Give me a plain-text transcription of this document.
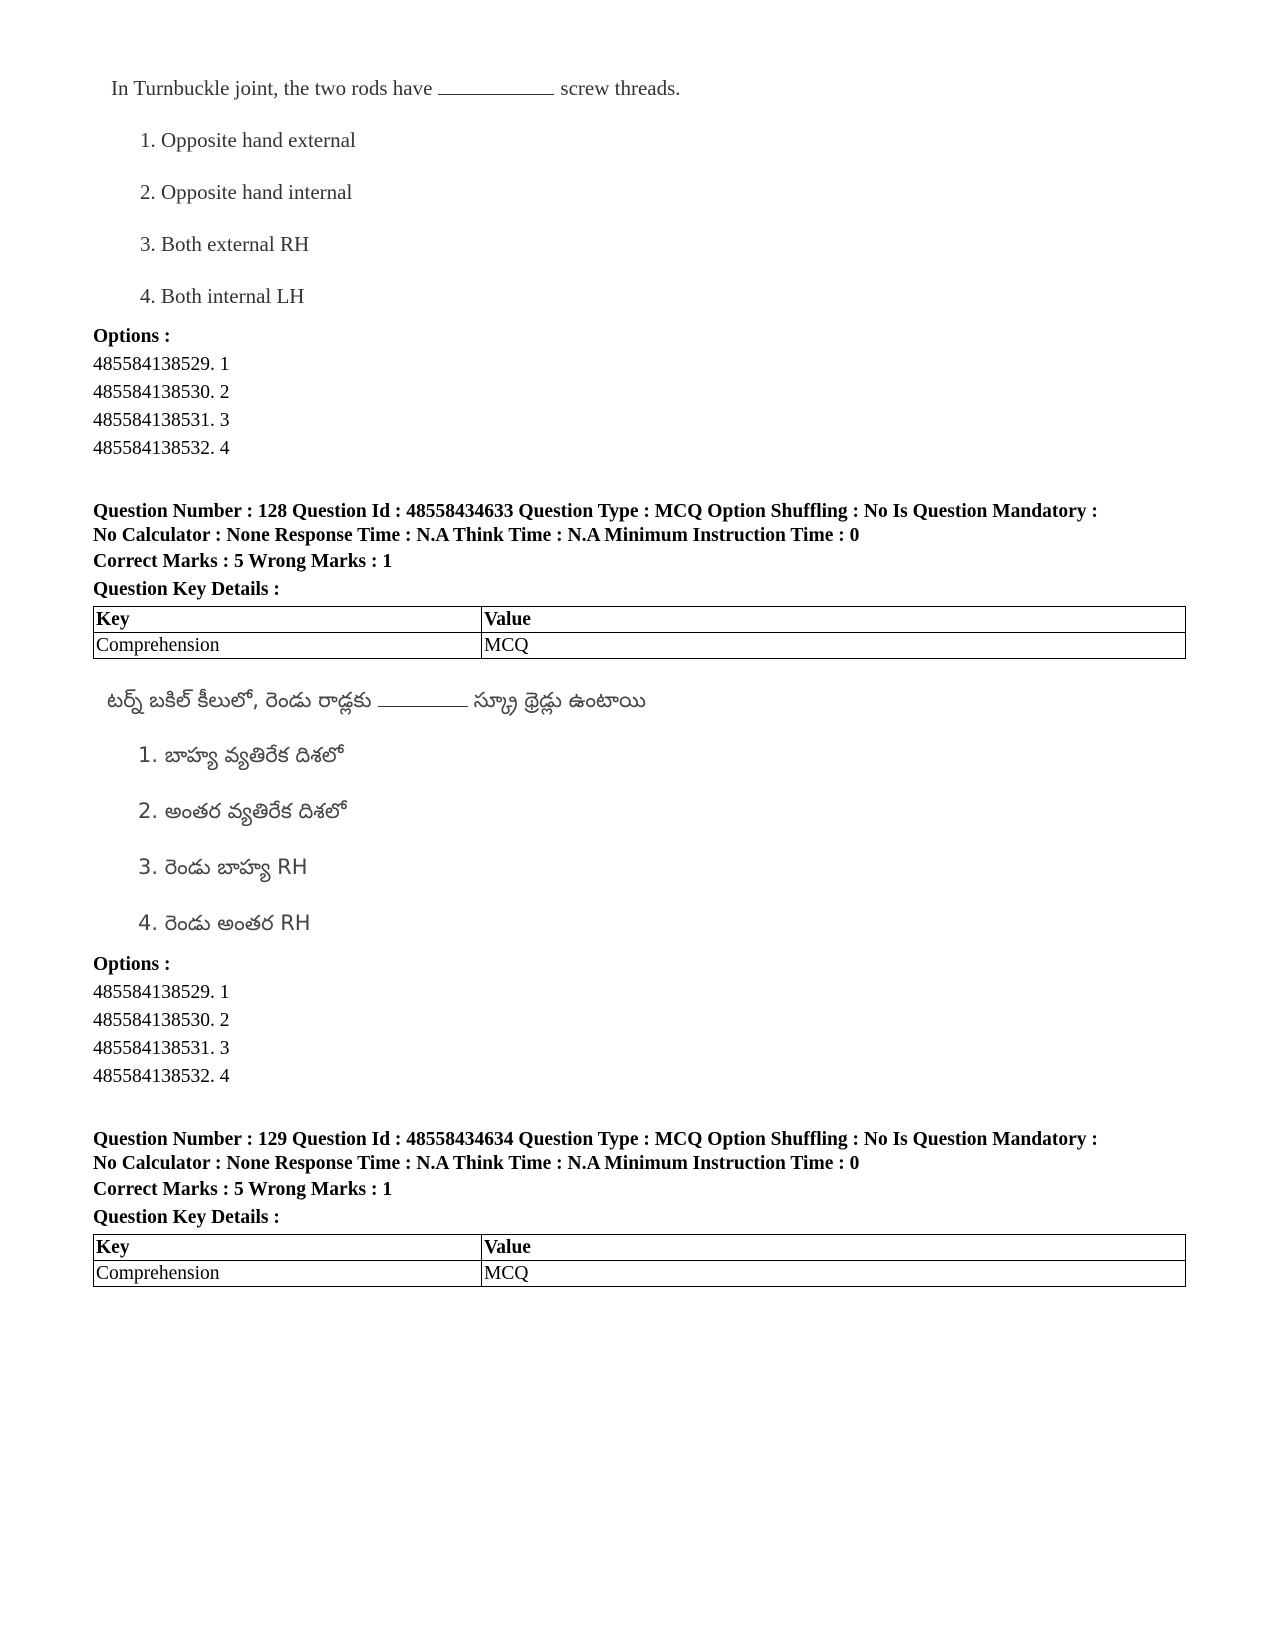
In Turnbuckle joint, the two rods have	screw threads.
1. Opposite hand external
2. Opposite hand internal
3. Both external RH
4. Both internal LH
Options :
485584138529. 1
485584138530. 2
485584138531. 3
485584138532. 4
Question Number : 128 Question Id : 48558434633 Question Type : MCQ Option Shuffling : No Is Question Mandatory :
No Calculator : None Response Time : N.A Think Time : N.A Minimum Instruction Time : 0
Correct Marks : 5 Wrong Marks : 1
Question Key Details :
Key	Value
Comprehension	MCQ
టర్న్ బకిల్ కీలులో, రెండు రాడ్లకు	స్క్రూ థ్రెడ్లు ఉంటాయి
1. బాహ్య వ్యతిరేక దిశలో
2. అంతర వ్యతిరేక దిశలో
3. రెండు బాహ్య RH
4. రెండు అంతర RH
Options :
485584138529. 1
485584138530. 2
485584138531. 3
485584138532. 4
Question Number : 129 Question Id : 48558434634 Question Type : MCQ Option Shuffling : No Is Question Mandatory :
No Calculator : None Response Time : N.A Think Time : N.A Minimum Instruction Time : 0
Correct Marks : 5 Wrong Marks : 1
Question Key Details :
Key	Value
Comprehension	MCQ
